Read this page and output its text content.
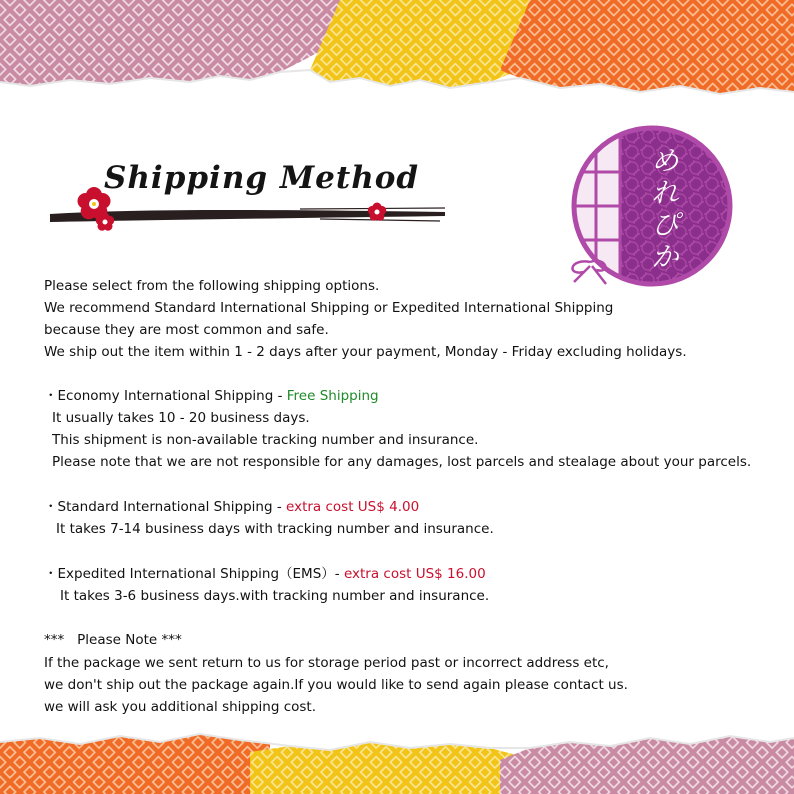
Shipping Method	めれぴか
Please select from the following shipping options.
We recommend Standard International Shipping or Expedited International Shipping
because they are most common and safe.
We ship out the item within 1 - 2 days after your payment, Monday - Friday excluding holidays.
・Economy International Shipping - Free Shipping
It usually takes 10 - 20 business days.
This shipment is non-available tracking number and insurance.
Please note that we are not responsible for any damages, lost parcels and stealage about your parcels.
・Standard International Shipping - extra cost US$ 4.00
It takes 7-14 business days with tracking number and insurance.
・Expedited International Shipping（EMS）- extra cost US$ 16.00
It takes 3-6 business days.with tracking number and insurance.
***   Please Note ***
If the package we sent return to us for storage period past or incorrect address etc,
we don't ship out the package again.If you would like to send again please contact us.
we will ask you additional shipping cost.
